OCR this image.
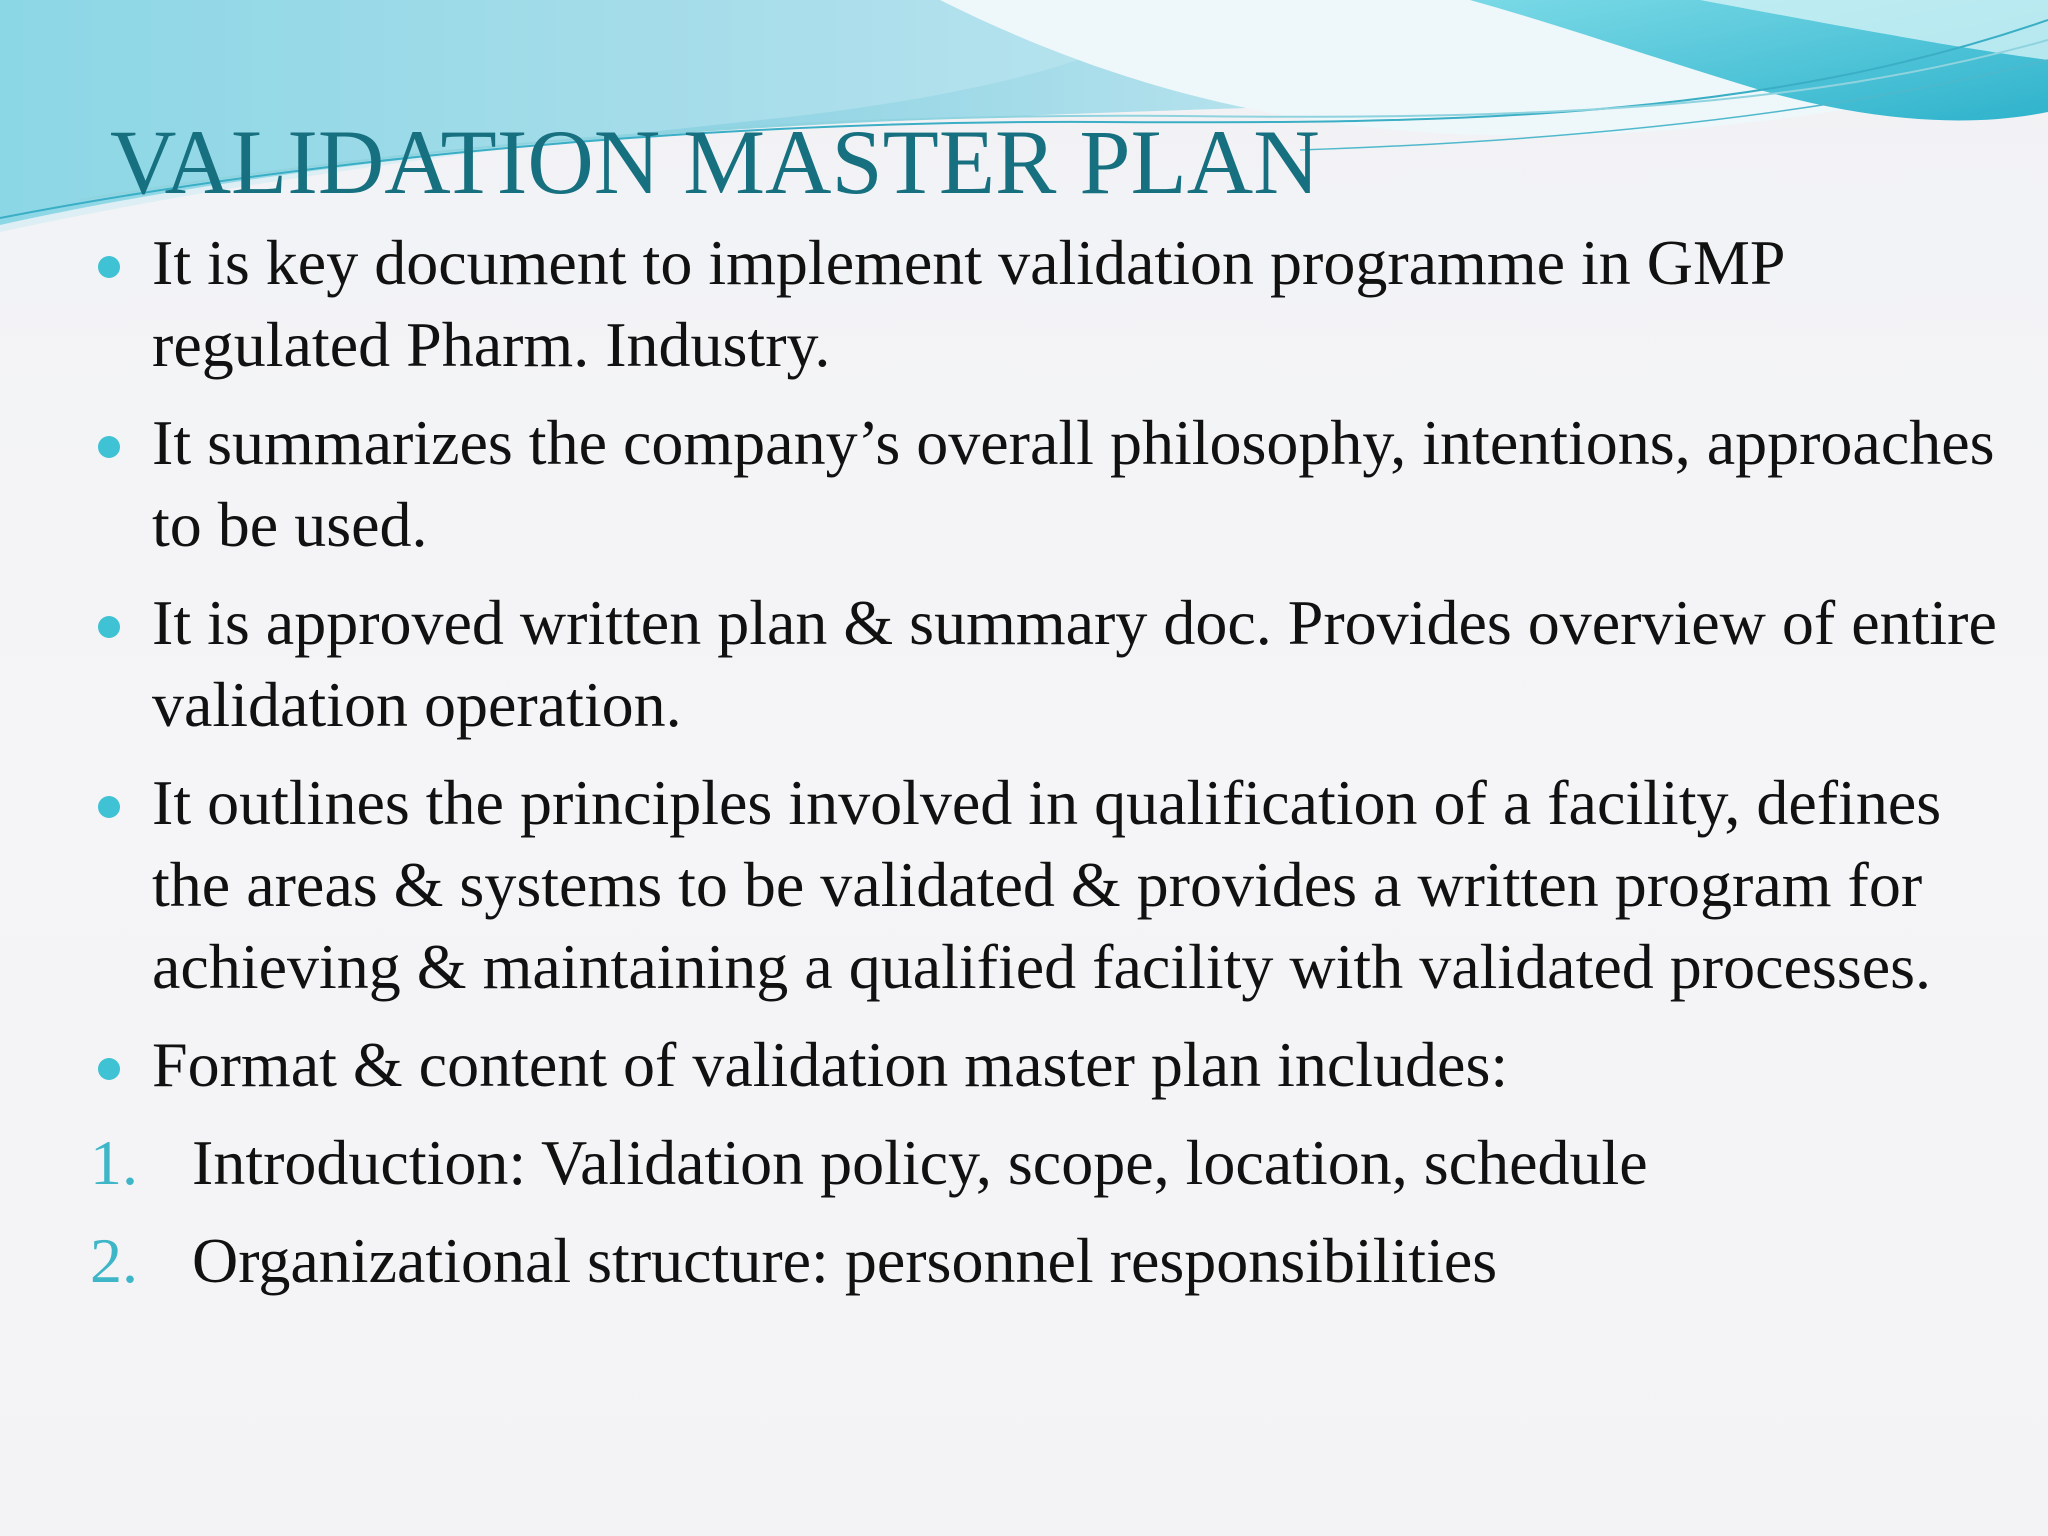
VALIDATION MASTER PLAN
It is key document to implement validation programme in GMP regulated Pharm. Industry.
It summarizes the company’s overall philosophy, intentions, approaches to be used.
It is approved written plan & summary doc. Provides overview of entire validation operation.
It outlines the principles involved in qualification of a facility, defines the areas & systems to be validated & provides a written program for achieving & maintaining a qualified facility with validated processes.
Format & content of validation master plan includes:
1. Introduction: Validation policy, scope, location, schedule
2. Organizational structure: personnel responsibilities
